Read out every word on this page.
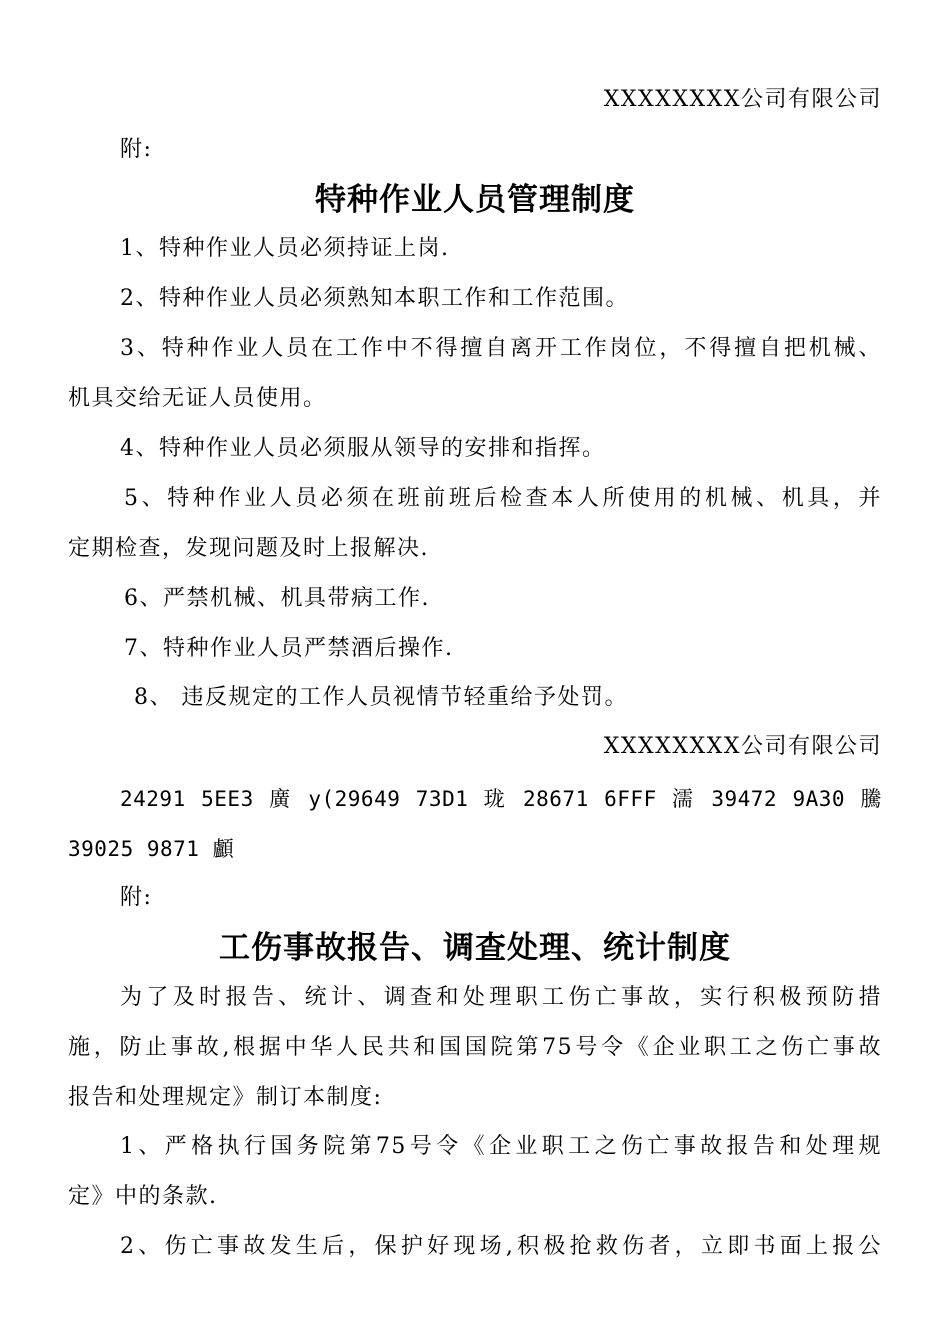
XXXXXXXX公司有限公司
附:
特种作业人员管理制度
1、特种作业人员必须持证上岗.
2、特种作业人员必须熟知本职工作和工作范围。
3、特种作业人员在工作中不得擅自离开工作岗位，不得擅自把机械、
机具交给无证人员使用。
4、特种作业人员必须服从领导的安排和指挥。
5、特种作业人员必须在班前班后检查本人所使用的机械、机具，并
定期检查，发现问题及时上报解决.
6、严禁机械、机具带病工作.
7、特种作业人员严禁酒后操作.
8、 违反规定的工作人员视情节轻重给予处罚。
XXXXXXXX公司有限公司
24291 5EE3 廣 y(29649 73D1 珑 28671 6FFF 濡 39472 9A30 騰
39025 9871 顱
附:
工伤事故报告、调查处理、统计制度
为了及时报告、统计、调查和处理职工伤亡事故，实行积极预防措
施，防止事故,根据中华人民共和国国院第75号令《企业职工之伤亡事故
报告和处理规定》制订本制度:
1、严格执行国务院第75号令《企业职工之伤亡事故报告和处理规
定》中的条款.
2、伤亡事故发生后，保护好现场,积极抢救伤者，立即书面上报公
